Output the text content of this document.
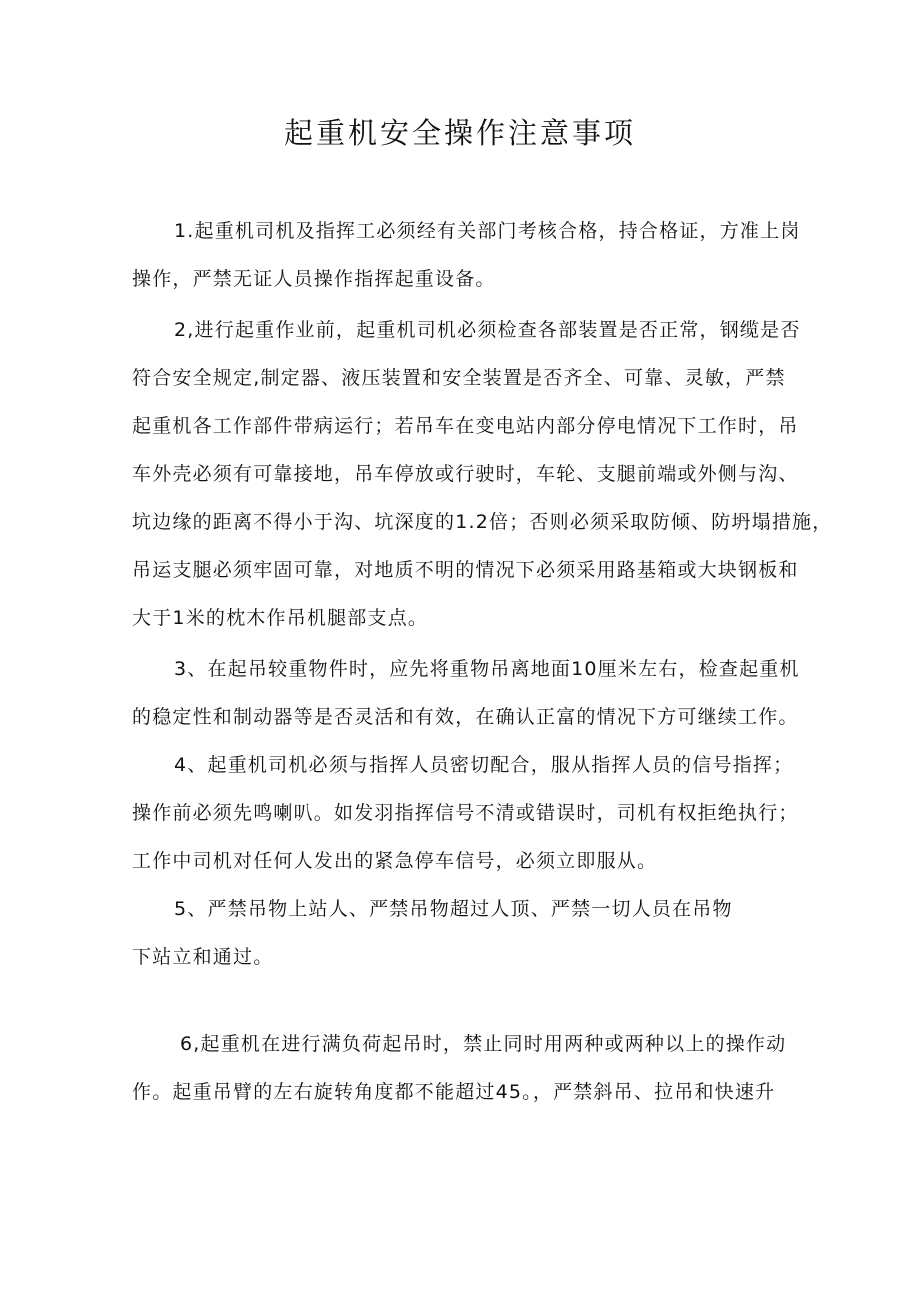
起重机安全操作注意事项
1.起重机司机及指挥工必须经有关部门考核合格，持合格证，方准上岗
操作，严禁无证人员操作指挥起重设备。
2,进行起重作业前，起重机司机必须检查各部装置是否正常，钢缆是否
符合安全规定,制定器、液压装置和安全装置是否齐全、可靠、灵敏，严禁
起重机各工作部件带病运行；若吊车在变电站内部分停电情况下工作时，吊
车外壳必须有可靠接地，吊车停放或行驶时，车轮、支腿前端或外侧与沟、
坑边缘的距离不得小于沟、坑深度的1.2倍；否则必须采取防倾、防坍塌措施，
吊运支腿必须牢固可靠，对地质不明的情况下必须采用路基箱或大块钢板和
大于1米的枕木作吊机腿部支点。
3、在起吊较重物件时，应先将重物吊离地面10厘米左右，检查起重机
的稳定性和制动器等是否灵活和有效，在确认正富的情况下方可继续工作。
4、起重机司机必须与指挥人员密切配合，服从指挥人员的信号指挥；
操作前必须先鸣喇叭。如发羽指挥信号不清或错误时，司机有权拒绝执行；
工作中司机对任何人发出的紧急停车信号，必须立即服从。
5、严禁吊物上站人、严禁吊物超过人顶、严禁一切人员在吊物
下站立和通过。
6,起重机在进行满负荷起吊时，禁止同时用两种或两种以上的操作动
作。起重吊臂的左右旋转角度都不能超过45。，严禁斜吊、拉吊和快速升
